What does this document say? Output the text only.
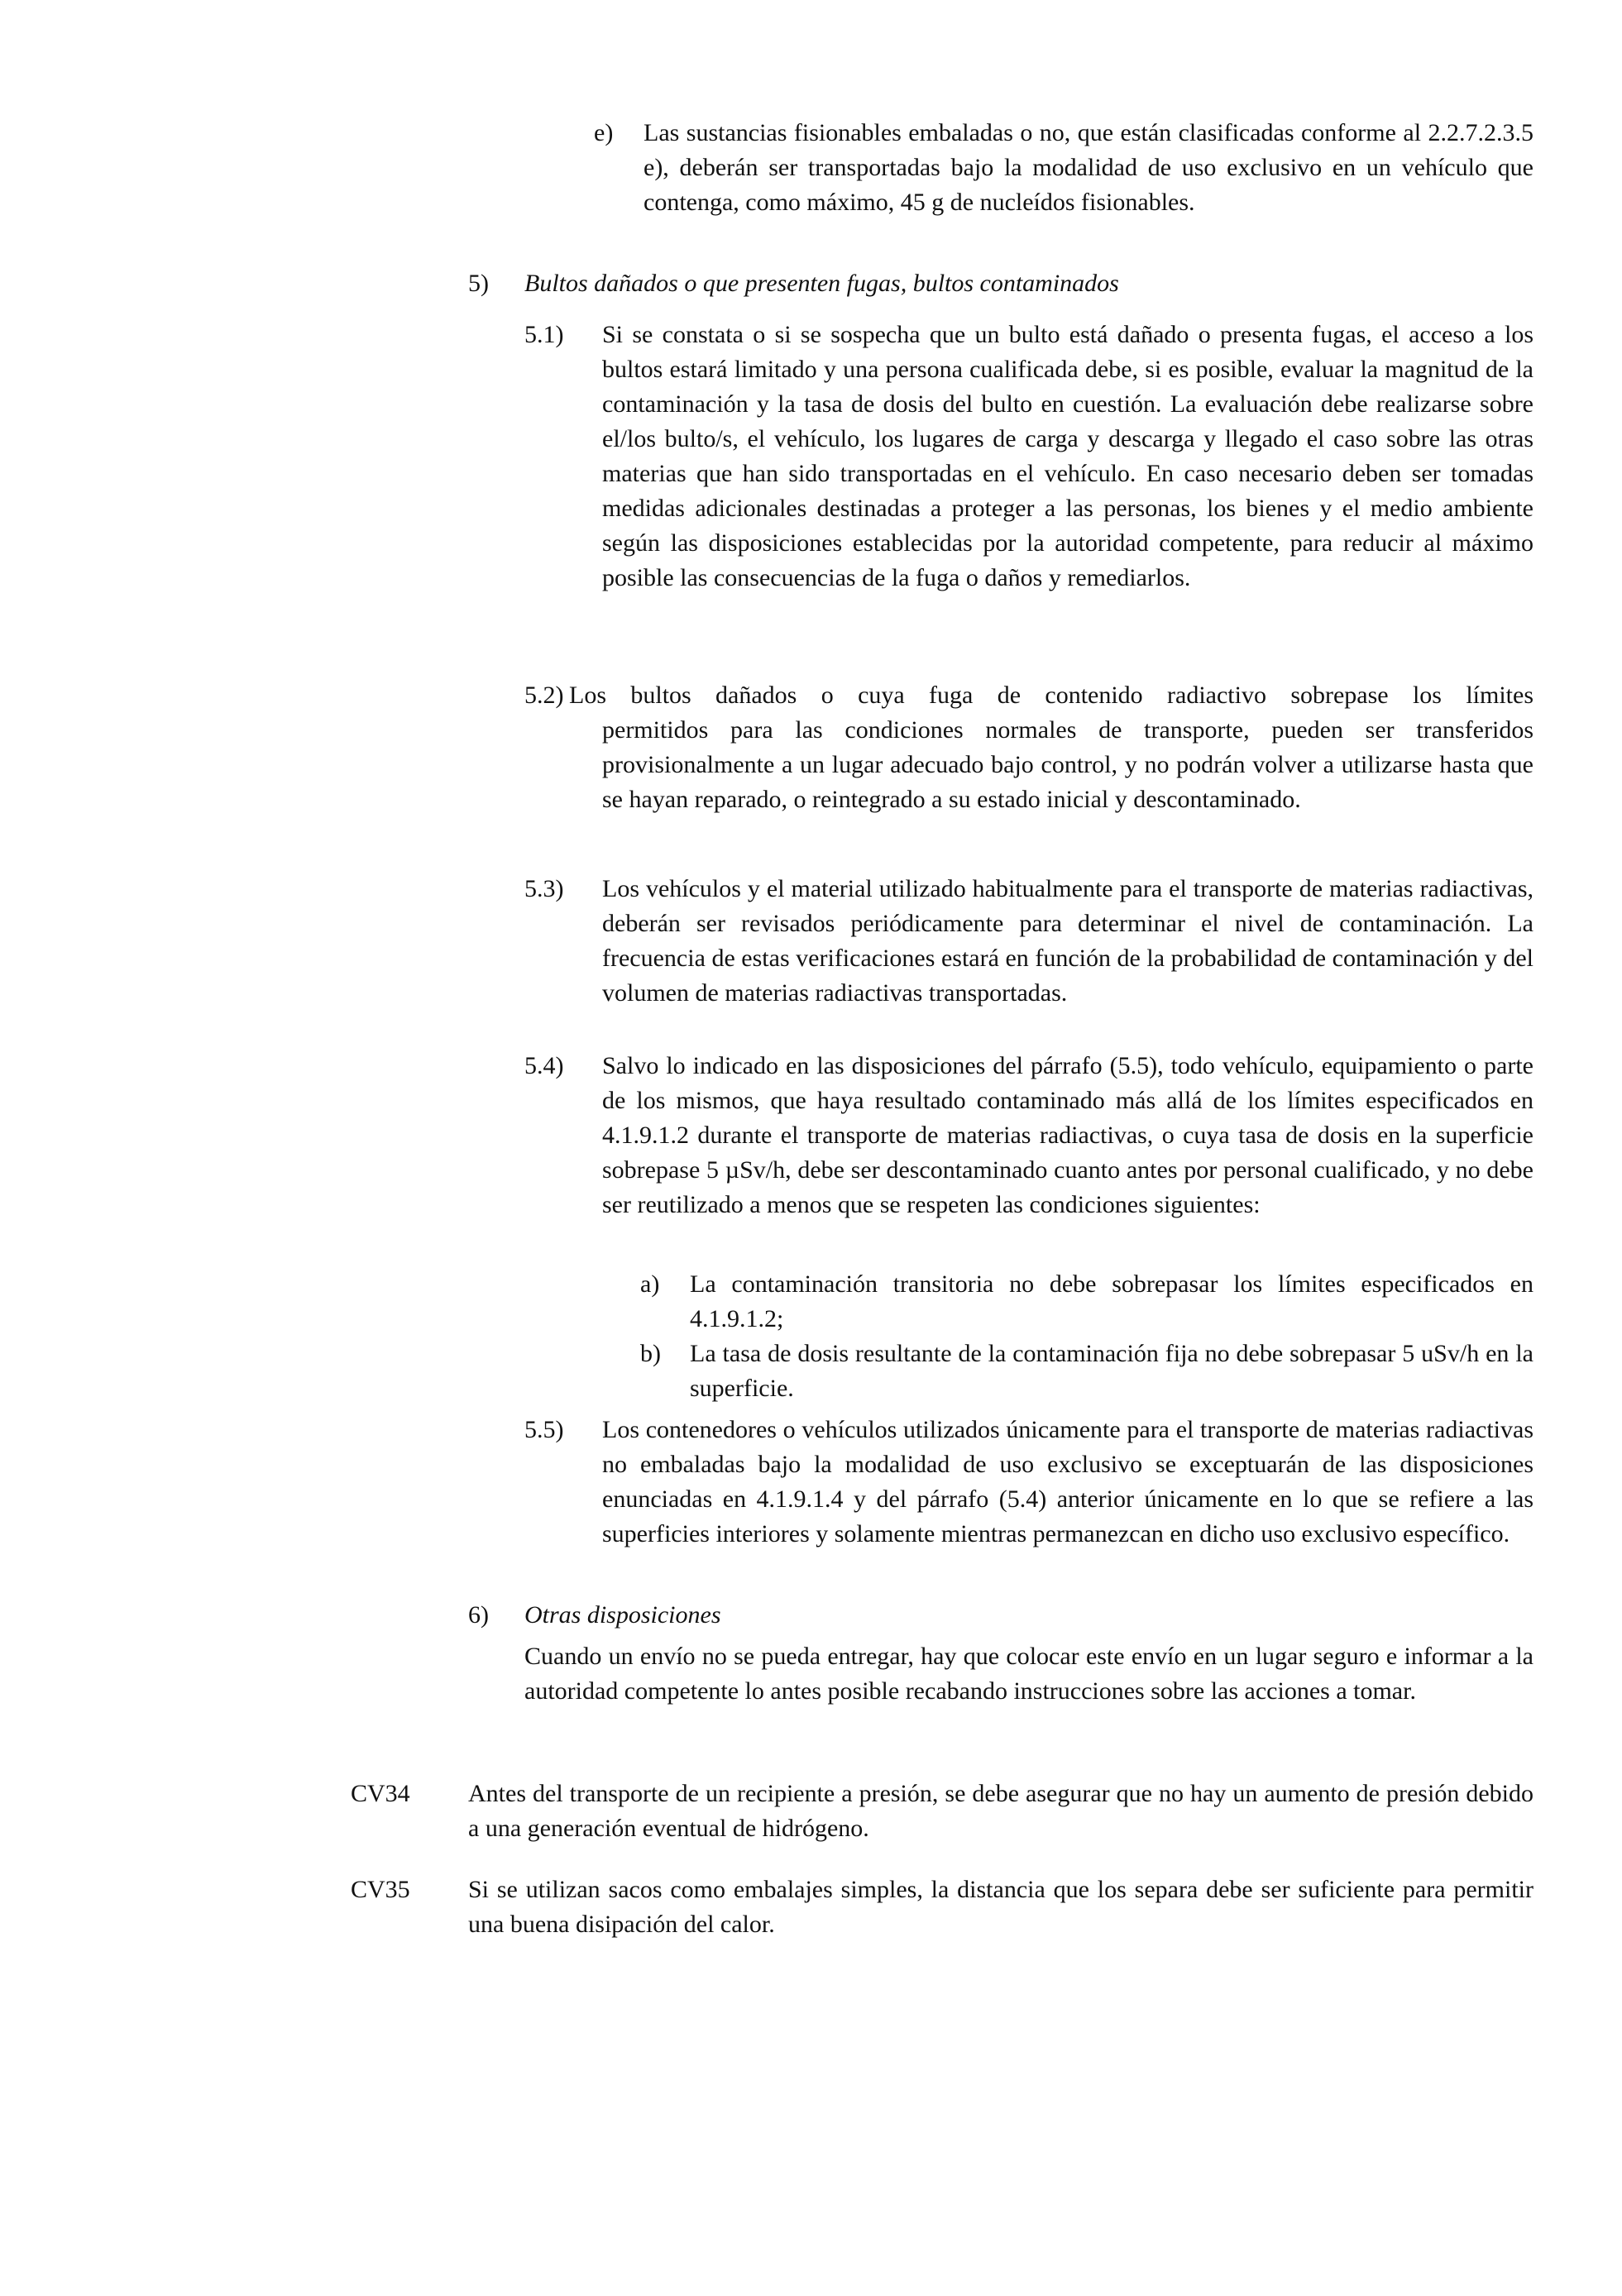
e) Las sustancias fisionables embaladas o no, que están clasificadas conforme al 2.2.7.2.3.5 e), deberán ser transportadas bajo la modalidad de uso exclusivo en un vehículo que contenga, como máximo, 45 g de nucleídos fisionables.

5) Bultos dañados o que presenten fugas, bultos contaminados

5.1) Si se constata o si se sospecha que un bulto está dañado o presenta fugas, el acceso a los bultos estará limitado y una persona cualificada debe, si es posible, evaluar la magnitud de la contaminación y la tasa de dosis del bulto en cuestión. La evaluación debe realizarse sobre el/los bulto/s, el vehículo, los lugares de carga y descarga y llegado el caso sobre las otras materias que han sido transportadas en el vehículo. En caso necesario deben ser tomadas medidas adicionales destinadas a proteger a las personas, los bienes y el medio ambiente según las disposiciones establecidas por la autoridad competente, para reducir al máximo posible las consecuencias de la fuga o daños y remediarlos.

5.2) Los bultos dañados o cuya fuga de contenido radiactivo sobrepase los límites

permitidos para las condiciones normales de transporte, pueden ser transferidos provisionalmente a un lugar adecuado bajo control, y no podrán volver a utilizarse hasta que se hayan reparado, o reintegrado a su estado inicial y descontaminado.

5.3) Los vehículos y el material utilizado habitualmente para el transporte de materias radiactivas, deberán ser revisados periódicamente para determinar el nivel de contaminación. La frecuencia de estas verificaciones estará en función de la probabilidad de contaminación y del volumen de materias radiactivas transportadas.

5.4) Salvo lo indicado en las disposiciones del párrafo (5.5), todo vehículo, equipamiento o parte de los mismos, que haya resultado contaminado más allá de los límites especificados en 4.1.9.1.2 durante el transporte de materias radiactivas, o cuya tasa de dosis en la superficie sobrepase 5 µSv/h, debe ser descontaminado cuanto antes por personal cualificado, y no debe ser reutilizado a menos que se respeten las condiciones siguientes:

a) La contaminación transitoria no debe sobrepasar los límites especificados en 4.1.9.1.2;

b) La tasa de dosis resultante de la contaminación fija no debe sobrepasar 5 uSv/h en la superficie.

5.5) Los contenedores o vehículos utilizados únicamente para el transporte de materias radiactivas no embaladas bajo la modalidad de uso exclusivo se exceptuarán de las disposiciones enunciadas en 4.1.9.1.4 y del párrafo (5.4) anterior únicamente en lo que se refiere a las superficies interiores y solamente mientras permanezcan en dicho uso exclusivo específico.

6) Otras disposiciones

Cuando un envío no se pueda entregar, hay que colocar este envío en un lugar seguro e informar a la autoridad competente lo antes posible recabando instrucciones sobre las acciones a tomar.

CV34 Antes del transporte de un recipiente a presión, se debe asegurar que no hay un aumento de presión debido a una generación eventual de hidrógeno.

CV35 Si se utilizan sacos como embalajes simples, la distancia que los separa debe ser suficiente para permitir una buena disipación del calor.
